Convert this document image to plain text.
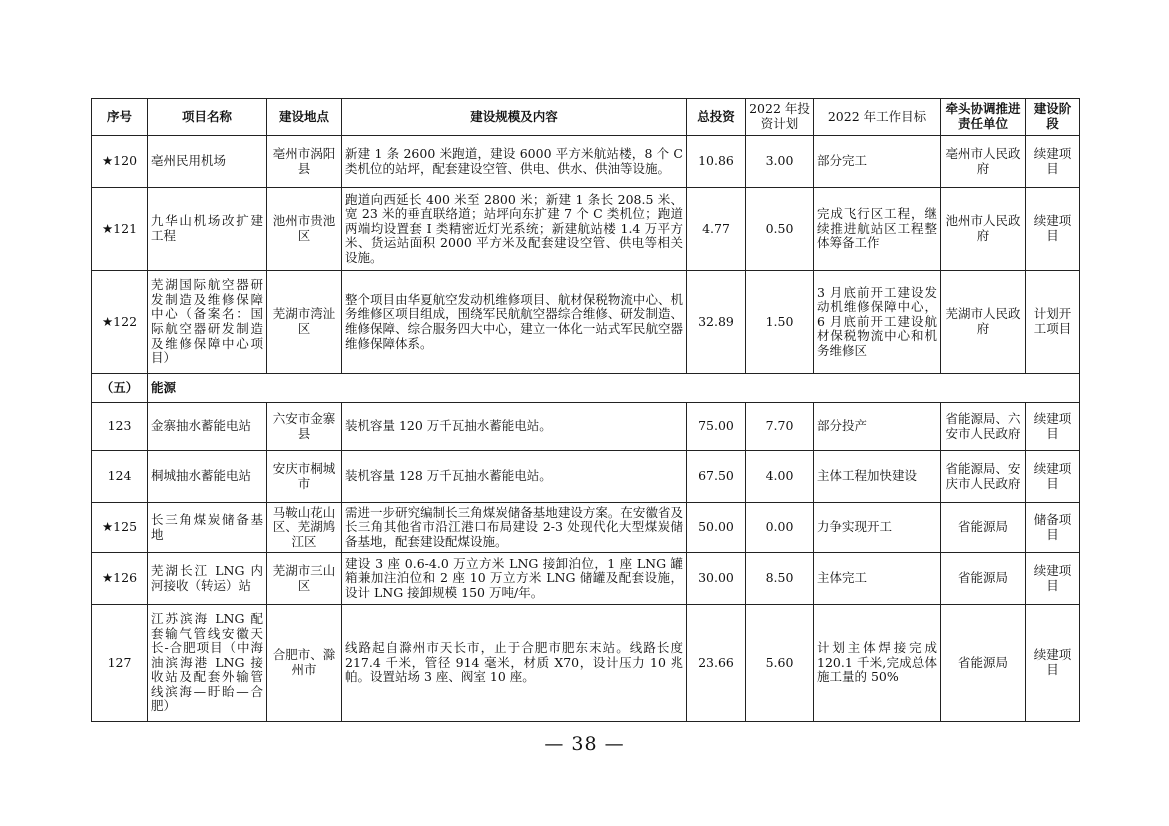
序号	项目名称	建设地点	建设规模及内容	总投资	2022 年投资计划	2022 年工作目标	牵头协调推进责任单位	建设阶段
★120	亳州民用机场	亳州市涡阳县	新建 1 条 2600 米跑道，建设 6000 平方米航站楼，8 个 C 类机位的站坪，配套建设空管、供电、供水、供油等设施。	10.86	3.00	部分完工	亳州市人民政府	续建项目
★121	九华山机场改扩建工程	池州市贵池区	跑道向西延长 400 米至 2800 米；新建 1 条长 208.5 米、宽 23 米的垂直联络道；站坪向东扩建 7 个 C 类机位；跑道两端均设置套 I 类精密近灯光系统；新建航站楼 1.4 万平方米、货运站面积 2000 平方米及配套建设空管、供电等相关设施。	4.77	0.50	完成飞行区工程，继续推进航站区工程整体筹备工作	池州市人民政府	续建项目
★122	芜湖国际航空器研发制造及维修保障中心（备案名：国际航空器研发制造及维修保障中心项目）	芜湖市湾沚区	整个项目由华夏航空发动机维修项目、航材保税物流中心、机务维修区项目组成，围绕军民航航空器综合维修、研发制造、维修保障、综合服务四大中心，建立一体化一站式军民航空器维修保障体系。	32.89	1.50	3 月底前开工建设发动机维修保障中心，6 月底前开工建设航材保税物流中心和机务维修区	芜湖市人民政府	计划开工项目
（五）	能源							
123	金寨抽水蓄能电站	六安市金寨县	装机容量 120 万千瓦抽水蓄能电站。	75.00	7.70	部分投产	省能源局、六安市人民政府	续建项目
124	桐城抽水蓄能电站	安庆市桐城市	装机容量 128 万千瓦抽水蓄能电站。	67.50	4.00	主体工程加快建设	省能源局、安庆市人民政府	续建项目
★125	长三角煤炭储备基地	马鞍山花山区、芜湖鸠江区	需进一步研究编制长三角煤炭储备基地建设方案。在安徽省及长三角其他省市沿江港口布局建设 2-3 处现代化大型煤炭储备基地，配套建设配煤设施。	50.00	0.00	力争实现开工	省能源局	储备项目
★126	芜湖长江 LNG 内河接收（转运）站	芜湖市三山区	建设 3 座 0.6-4.0 万立方米 LNG 接卸泊位，1 座 LNG 罐箱兼加注泊位和 2 座 10 万立方米 LNG 储罐及配套设施，设计 LNG 接卸规模 150 万吨/年。	30.00	8.50	主体完工	省能源局	续建项目
127	江苏滨海 LNG 配套输气管线安徽天长-合肥项目（中海油滨海港 LNG 接收站及配套外输管线滨海—盱眙—合肥）	合肥市、滁州市	线路起自滁州市天长市，止于合肥市肥东末站。线路长度 217.4 千米，管径 914 毫米，材质 X70，设计压力 10 兆帕。设置站场 3 座、阀室 10 座。	23.66	5.60	计划主体焊接完成 120.1 千米,完成总体施工量的 50%	省能源局	续建项目
— 38 —
